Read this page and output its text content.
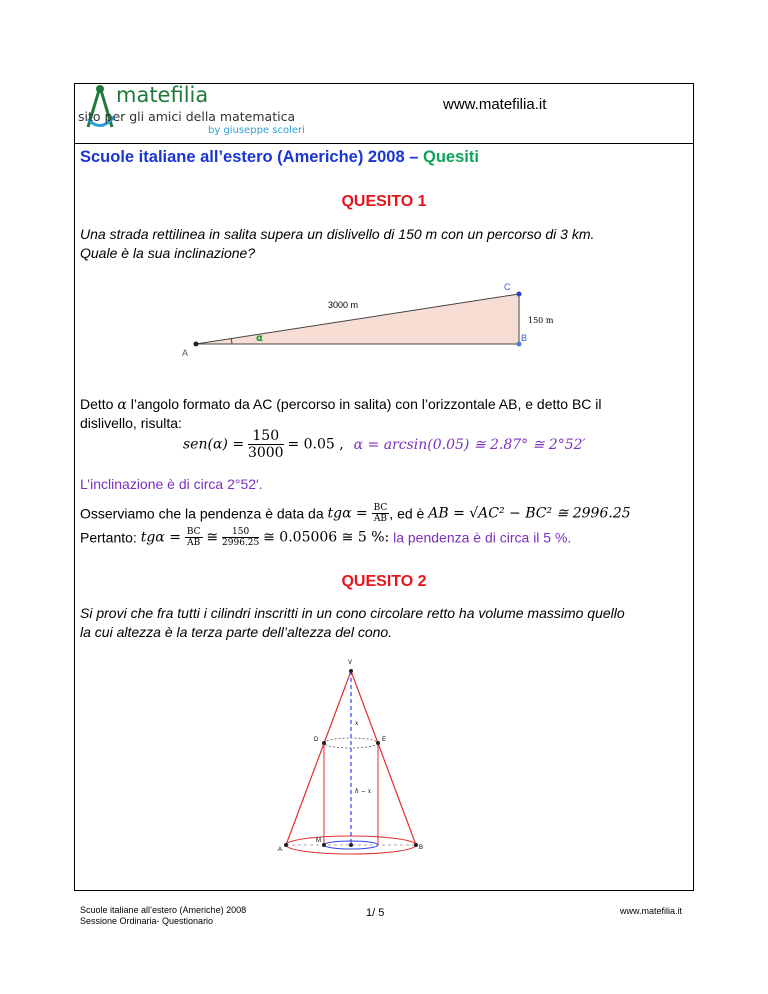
matefilia
sito per gli amici della matematica
by giuseppe scoleri
www.matefilia.it
Scuole italiane all’estero (Americhe) 2008 – Quesiti
QUESITO 1
Una strada rettilinea in salita supera un dislivello di 150 m con un percorso di 3 km.
Quale è la sua inclinazione?
3000 m
150 m
A
B
C
α
Detto α l’angolo formato da AC (percorso in salita) con l’orizzontale AB, e detto BC il
dislivello, risulta:
$sen(\alpha) = \frac{150}{3000} = 0.05$ , α = arcsin(0.05) ≅ 2.87° ≅ 2°52′
L’inclinazione è di circa 2°52′.
Osserviamo che la pendenza è data da $tg\alpha = \frac{BC}{AB}$ , ed è AB = √AC² − BC² ≅ 2996.25
Pertanto: $tg\alpha = \frac{BC}{AB}$ ≅ $\frac{150}{2996.25}$ ≅ 0.05006 ≅ 5 %: la pendenza è di circa il 5 %.
QUESITO 2
Si provi che fra tutti i cilindri inscritti in un cono circolare retto ha volume massimo quello
la cui altezza è la terza parte dell’altezza del cono.
V
D	E
A	B
M
x
h − x
Scuole italiane all’estero (Americhe) 2008
Sessione Ordinaria- Questionario
1/ 5	www.matefilia.it
